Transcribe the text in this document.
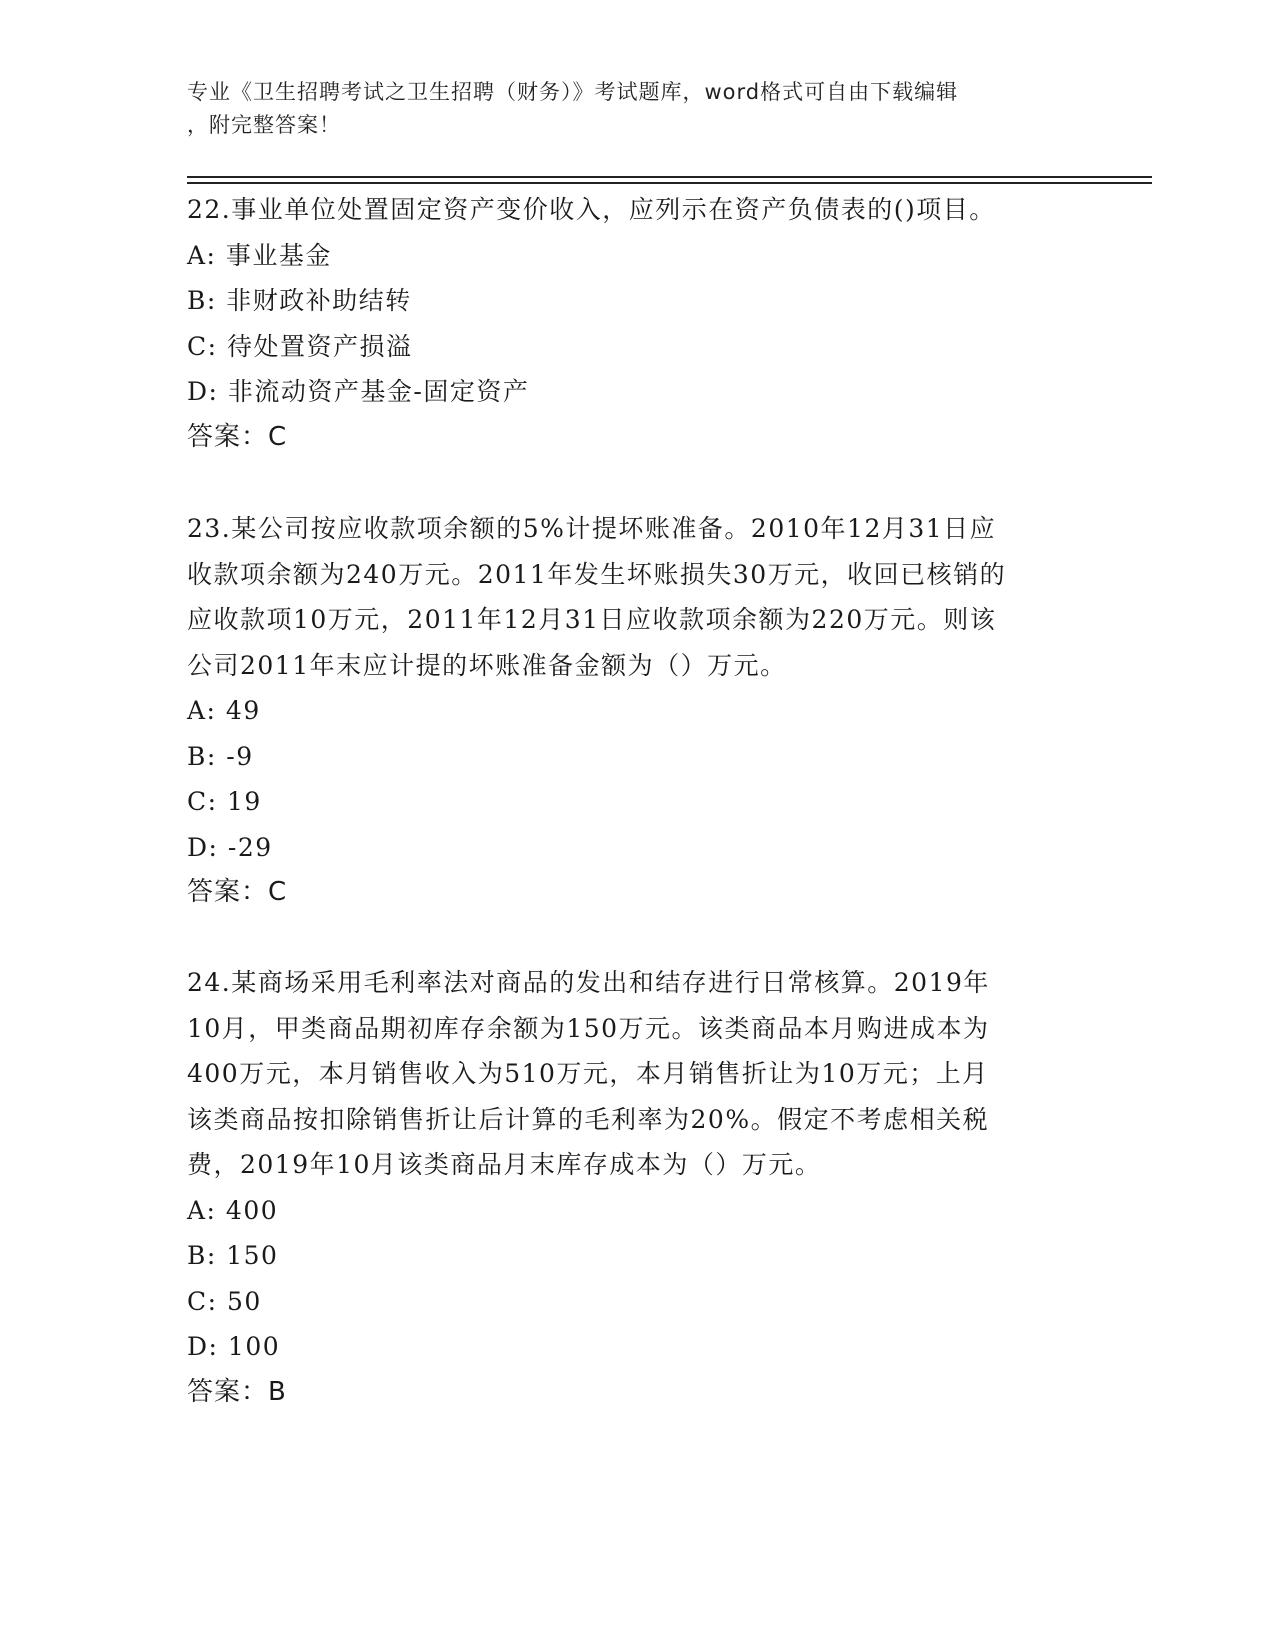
专业《卫生招聘考试之卫生招聘（财务）》考试题库，word格式可自由下载编辑
，附完整答案！

22.事业单位处置固定资产变价收入，应列示在资产负债表的()项目。

A: 事业基金

B: 非财政补助结转

C: 待处置资产损溢

D: 非流动资产基金-固定资产

答案：C

23.某公司按应收款项余额的5%计提坏账准备。2010年12月31日应

收款项余额为240万元。2011年发生坏账损失30万元，收回已核销的

应收款项10万元，2011年12月31日应收款项余额为220万元。则该

公司2011年末应计提的坏账准备金额为（）万元。

A: 49

B: -9

C: 19

D: -29

答案：C

24.某商场采用毛利率法对商品的发出和结存进行日常核算。2019年

10月，甲类商品期初库存余额为150万元。该类商品本月购进成本为

400万元，本月销售收入为510万元，本月销售折让为10万元；上月

该类商品按扣除销售折让后计算的毛利率为20%。假定不考虑相关税

费，2019年10月该类商品月末库存成本为（）万元。

A: 400

B: 150

C: 50

D: 100

答案：B
